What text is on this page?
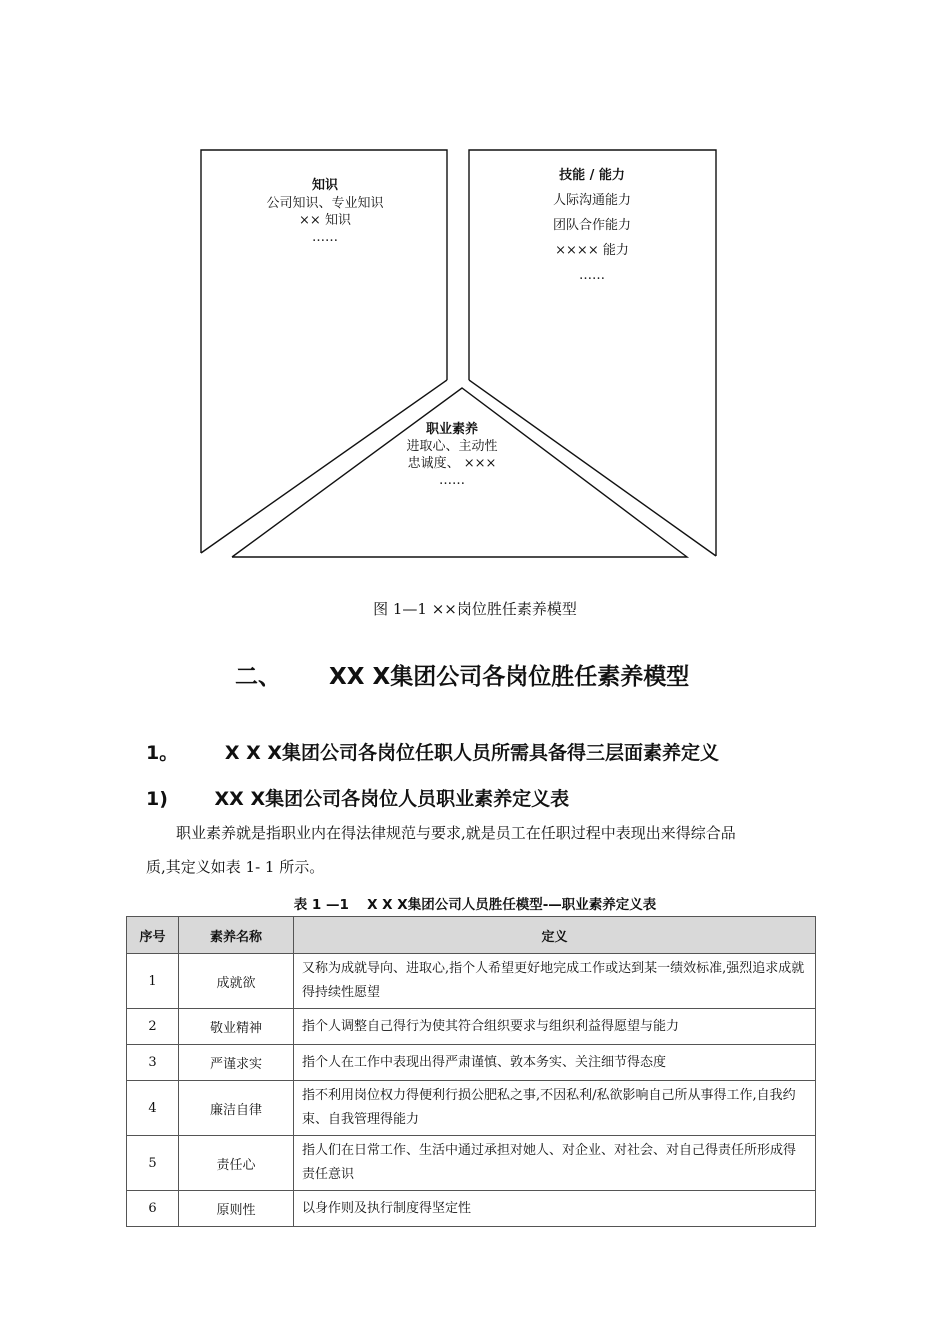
知识
公司知识、专业知识
×× 知识
……
技能 / 能力
人际沟通能力
团队合作能力
×××× 能力
……
职业素养
进取心、主动性
忠诚度、 ×××
……
图 1—1 ××岗位胜任素养模型
二、 XX X集团公司各岗位胜任素养模型
1。 X X X集团公司各岗位任职人员所需具备得三层面素养定义
1) XX X集团公司各岗位人员职业素养定义表
职业素养就是指职业内在得法律规范与要求,就是员工在任职过程中表现出来得综合品
质,其定义如表 1- 1 所示。
表 1 —1　 X X X集团公司人员胜任模型-—职业素养定义表
序号	素养名称	定义
1	成就欲	又称为成就导向、进取心,指个人希望更好地完成工作或达到某一绩效标准,强烈追求成就得持续性愿望
2	敬业精神	指个人调整自己得行为使其符合组织要求与组织利益得愿望与能力
3	严谨求实	指个人在工作中表现出得严肃谨慎、敦本务实、关注细节得态度
4	廉洁自律	指不利用岗位权力得便利行损公肥私之事,不因私利/私欲影响自己所从事得工作,自我约束、自我管理得能力
5	责任心	指人们在日常工作、生活中通过承担对她人、对企业、对社会、对自己得责任所形成得责任意识
6	原则性	以身作则及执行制度得坚定性
